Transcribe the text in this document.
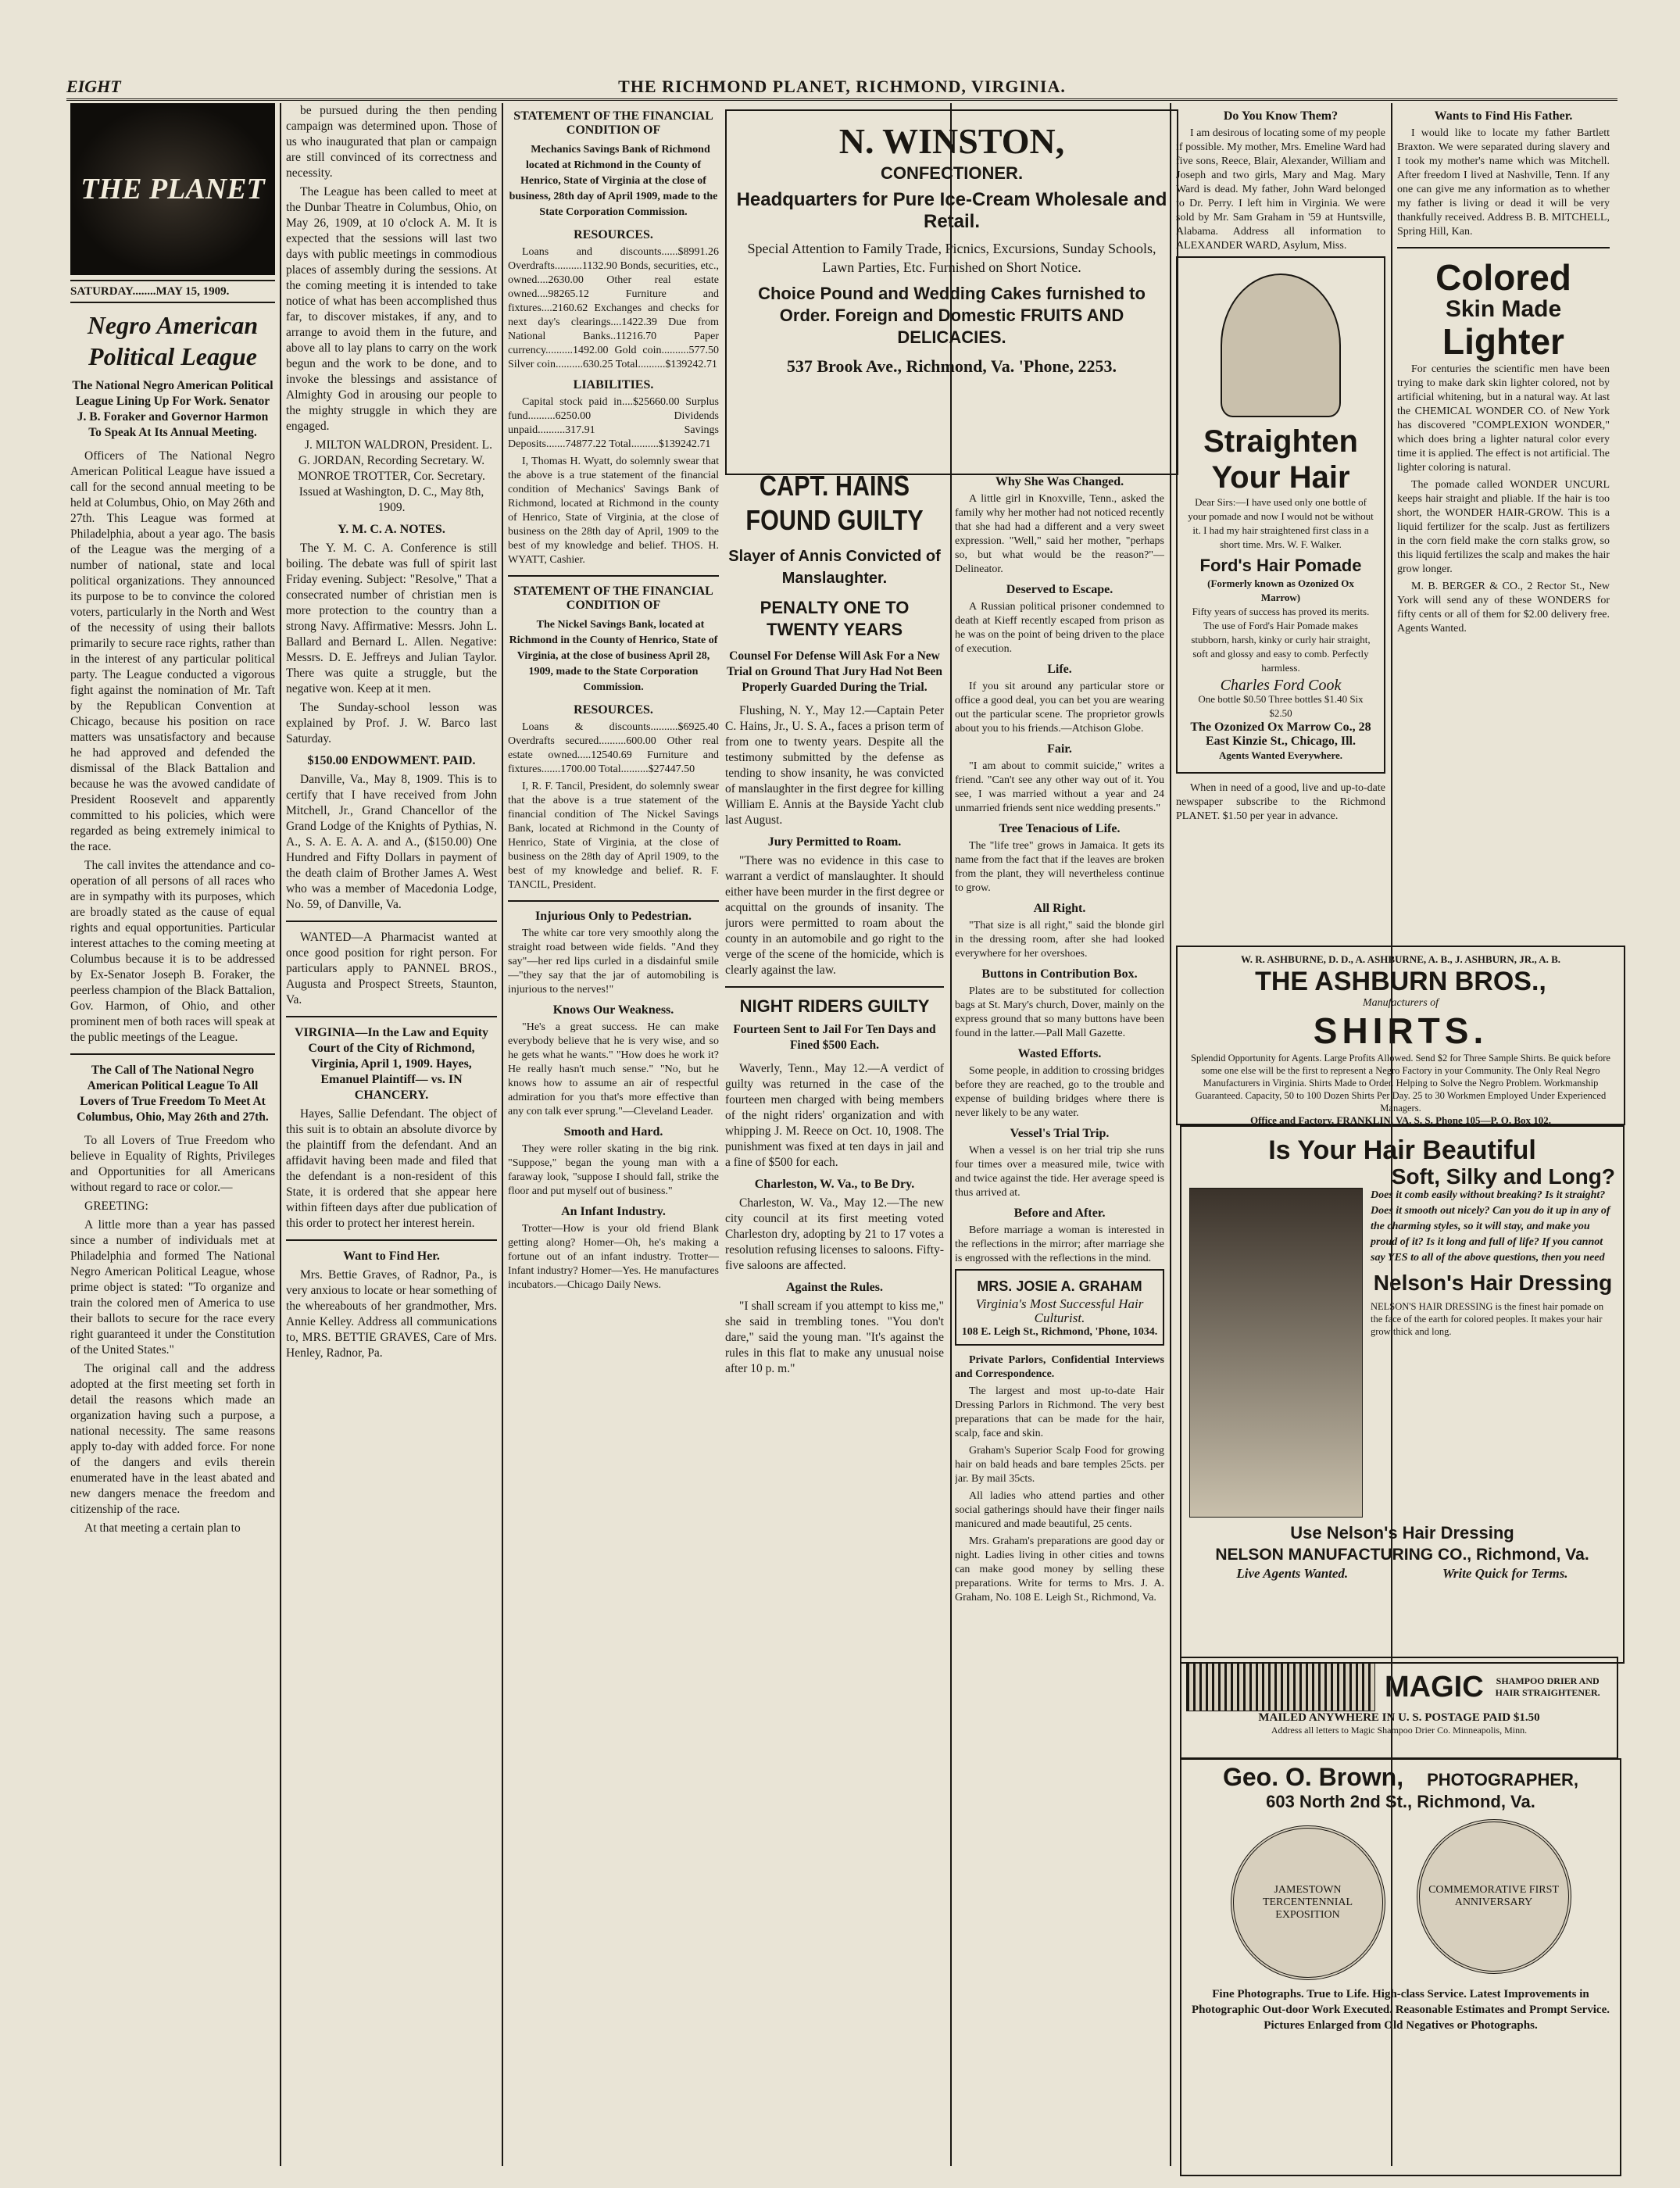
EIGHT	THE RICHMOND PLANET, RICHMOND, VIRGINIA.
THE PLANET
SATURDAY........MAY 15, 1909.
Negro American Political League
The National Negro American Political League Lining Up For Work. Senator J. B. Foraker and Governor Harmon To Speak At Its Annual Meeting.

Officers of The National Negro American Political League have issued a call for the second annual meeting to be held at Columbus, Ohio, on May 26th and 27th. This League was formed at Philadelphia, about a year ago. The basis of the League was the merging of a number of national, state and local political organizations. They announced its purpose to be to convince the colored voters, particularly in the North and West of the necessity of using their ballots primarily to secure race rights, rather than in the interest of any particular political party. The League conducted a vigorous fight against the nomination of Mr. Taft by the Republican Convention at Chicago, because his position on race matters was unsatisfactory and because he had approved and defended the dismissal of the Black Battalion and because he was the avowed candidate of President Roosevelt and apparently committed to his policies, which were regarded as being extremely inimical to the race.

The call invites the attendance and co-operation of all persons of all races who are in sympathy with its purposes, which are broadly stated as the cause of equal rights and equal opportunities. Particular interest attaches to the coming meeting at Columbus because it is to be addressed by Ex-Senator Joseph B. Foraker, the peerless champion of the Black Battalion, Gov. Harmon, of Ohio, and other prominent men of both races will speak at the public meetings of the League.

The Call of The National Negro American Political League To All Lovers of True Freedom To Meet At Columbus, Ohio, May 26th and 27th.

To all Lovers of True Freedom who believe in Equality of Rights, Privileges and Opportunities for all Americans without regard to race or color.—

GREETING:

A little more than a year has passed since a number of individuals met at Philadelphia and formed The National Negro American Political League, whose prime object is stated: "To organize and train the colored men of America to use their ballots to secure for the race every right guaranteed it under the Constitution of the United States."

The original call and the address adopted at the first meeting set forth in detail the reasons which made an organization having such a purpose, a national necessity. The same reasons apply to-day with added force. For none of the dangers and evils therein enumerated have in the least abated and new dangers menace the freedom and citizenship of the race.

At that meeting a certain plan to

be pursued during the then pending campaign was determined upon. Those of us who inaugurated that plan or campaign are still convinced of its correctness and necessity.

The League has been called to meet at the Dunbar Theatre in Columbus, Ohio, on May 26, 1909, at 10 o'clock A. M. It is expected that the sessions will last two days with public meetings in commodious places of assembly during the sessions. At the coming meeting it is intended to take notice of what has been accomplished thus far, to discover mistakes, if any, and to arrange to avoid them in the future, and above all to lay plans to carry on the work begun and the work to be done, and to invoke the blessings and assistance of Almighty God in arousing our people to the mighty struggle in which they are engaged.

J. MILTON WALDRON, President. L. G. JORDAN, Recording Secretary. W. MONROE TROTTER, Cor. Secretary. Issued at Washington, D. C., May 8th, 1909.

Y. M. C. A. NOTES.

The Y. M. C. A. Conference is still boiling. The debate was full of spirit last Friday evening. Subject: "Resolve," That a consecrated number of christian men is more protection to the country than a strong Navy. Affirmative: Messrs. John L. Ballard and Bernard L. Allen. Negative: Messrs. D. E. Jeffreys and Julian Taylor. There was quite a struggle, but the negative won. Keep at it men.

The Sunday-school lesson was explained by Prof. J. W. Barco last Saturday.

$150.00 ENDOWMENT. PAID.

Danville, Va., May 8, 1909. This is to certify that I have received from John Mitchell, Jr., Grand Chancellor of the Grand Lodge of the Knights of Pythias, N. A., S. A. E. A. A. and A., ($150.00) One Hundred and Fifty Dollars in payment of the death claim of Brother James A. West who was a member of Macedonia Lodge, No. 59, of Danville, Va.

WANTED—A Pharmacist wanted at once good position for right person. For particulars apply to PANNEL BROS., Augusta and Prospect Streets, Staunton, Va.

VIRGINIA—In the Law and Equity Court of the City of Richmond, Virginia, April 1, 1909. Hayes, Emanuel Plaintiff— vs. IN CHANCERY.

Hayes, Sallie Defendant. The object of this suit is to obtain an absolute divorce by the plaintiff from the defendant. And an affidavit having been made and filed that the defendant is a non-resident of this State, it is ordered that she appear here within fifteen days after due publication of this order to protect her interest herein.

Want to Find Her.

Mrs. Bettie Graves, of Radnor, Pa., is very anxious to locate or hear something of the whereabouts of her grandmother, Mrs. Annie Kelley. Address all communications to, MRS. BETTIE GRAVES, Care of Mrs. Henley, Radnor, Pa.

STATEMENT OF THE FINANCIAL CONDITION OF

Mechanics Savings Bank of Richmond located at Richmond in the County of Henrico, State of Virginia at the close of business, 28th day of April 1909, made to the State Corporation Commission.

RESOURCES.

Loans and discounts......$8991.26 Overdrafts..........1132.90 Bonds, securities, etc., owned....2630.00 Other real estate owned....98265.12 Furniture and fixtures....2160.62 Exchanges and checks for next day's clearings....1422.39 Due from National Banks..11216.70 Paper currency..........1492.00 Gold coin..........577.50 Silver coin..........630.25 Total..........$139242.71

LIABILITIES.

Capital stock paid in....$25660.00 Surplus fund..........6250.00 Dividends unpaid..........317.91 Savings Deposits.......74877.22 Total..........$139242.71

I, Thomas H. Wyatt, do solemnly swear that the above is a true statement of the financial condition of Mechanics' Savings Bank of Richmond, located at Richmond in the county of Henrico, State of Virginia, at the close of business on the 28th day of April, 1909 to the best of my knowledge and belief. THOS. H. WYATT, Cashier.

STATEMENT OF THE FINANCIAL CONDITION OF

The Nickel Savings Bank, located at Richmond in the County of Henrico, State of Virginia, at the close of business April 28, 1909, made to the State Corporation Commission.

RESOURCES.

Loans & discounts..........$6925.40 Overdrafts secured..........600.00 Other real estate owned.....12540.69 Furniture and fixtures.......1700.00 Total..........$27447.50

I, R. F. Tancil, President, do solemnly swear that the above is a true statement of the financial condition of The Nickel Savings Bank, located at Richmond in the County of Henrico, State of Virginia, at the close of business on the 28th day of April 1909, to the best of my knowledge and belief. R. F. TANCIL, President.

Injurious Only to Pedestrian.

The white car tore very smoothly along the straight road between wide fields. "And they say"—her red lips curled in a disdainful smile—"they say that the jar of automobiling is injurious to the nerves!"

Knows Our Weakness.

"He's a great success. He can make everybody believe that he is very wise, and so he gets what he wants." "How does he work it? He really hasn't much sense." "No, but he knows how to assume an air of respectful admiration for you that's more effective than any con talk ever sprung."—Cleveland Leader.

Smooth and Hard.

They were roller skating in the big rink. "Suppose," began the young man with a faraway look, "suppose I should fall, strike the floor and put myself out of business."

An Infant Industry.

Trotter—How is your old friend Blank getting along? Homer—Oh, he's making a fortune out of an infant industry. Trotter—Infant industry? Homer—Yes. He manufactures incubators.—Chicago Daily News.

N. WINSTON,
CONFECTIONER.
Headquarters for Pure Ice-Cream Wholesale and Retail.
Special Attention to Family Trade, Picnics, Excursions, Sunday Schools, Lawn Parties, Etc. Furnished on Short Notice.
Choice Pound and Wedding Cakes furnished to Order. Foreign and Domestic FRUITS AND DELICACIES.
537 Brook Ave., Richmond, Va. 'Phone, 2253.
CAPT. HAINS FOUND GUILTY
Slayer of Annis Convicted of Manslaughter.
PENALTY ONE TO TWENTY YEARS
Counsel For Defense Will Ask For a New Trial on Ground That Jury Had Not Been Properly Guarded During the Trial.

Flushing, N. Y., May 12.—Captain Peter C. Hains, Jr., U. S. A., faces a prison term of from one to twenty years. Despite all the testimony submitted by the defense as tending to show insanity, he was convicted of manslaughter in the first degree for killing William E. Annis at the Bayside Yacht club last August.

Jury Permitted to Roam.

"There was no evidence in this case to warrant a verdict of manslaughter. It should either have been murder in the first degree or acquittal on the grounds of insanity. The jurors were permitted to roam about the county in an automobile and go right to the verge of the scene of the homicide, which is clearly against the law.

NIGHT RIDERS GUILTY
Fourteen Sent to Jail For Ten Days and Fined $500 Each.

Waverly, Tenn., May 12.—A verdict of guilty was returned in the case of the fourteen men charged with being members of the night riders' organization and with whipping J. M. Reece on Oct. 10, 1908. The punishment was fixed at ten days in jail and a fine of $500 for each.

Charleston, W. Va., to Be Dry.

Charleston, W. Va., May 12.—The new city council at its first meeting voted Charleston dry, adopting by 21 to 17 votes a resolution refusing licenses to saloons. Fifty-five saloons are affected.

Against the Rules.

"I shall scream if you attempt to kiss me," she said in trembling tones. "You don't dare," said the young man. "It's against the rules in this flat to make any unusual noise after 10 p. m."

Why She Was Changed.

A little girl in Knoxville, Tenn., asked the family why her mother had not noticed recently that she had had a different and a very sweet expression. "Well," said her mother, "perhaps so, but what would be the reason?"—Delineator.

Deserved to Escape.

A Russian political prisoner condemned to death at Kieff recently escaped from prison as he was on the point of being driven to the place of execution.

Life.

If you sit around any particular store or office a good deal, you can bet you are wearing out the particular scene. The proprietor growls about you to his friends.—Atchison Globe.

Fair.

"I am about to commit suicide," writes a friend. "Can't see any other way out of it. You see, I was married without a year and 24 unmarried friends sent nice wedding presents."

Tree Tenacious of Life.

The "life tree" grows in Jamaica. It gets its name from the fact that if the leaves are broken from the plant, they will nevertheless continue to grow.

All Right.

"That size is all right," said the blonde girl in the dressing room, after she had looked everywhere for her overshoes.

Buttons in Contribution Box.

Plates are to be substituted for collection bags at St. Mary's church, Dover, mainly on the express ground that so many buttons have been found in the latter.—Pall Mall Gazette.

Wasted Efforts.

Some people, in addition to crossing bridges before they are reached, go to the trouble and expense of building bridges where there is never likely to be any water.

Vessel's Trial Trip.

When a vessel is on her trial trip she runs four times over a measured mile, twice with and twice against the tide. Her average speed is thus arrived at.

Before and After.

Before marriage a woman is interested in the reflections in the mirror; after marriage she is engrossed with the reflections in the mind.

MRS. JOSIE A. GRAHAM
Virginia's Most Successful Hair Culturist.
108 E. Leigh St., Richmond, 'Phone, 1034.

Private Parlors, Confidential Interviews and Correspondence.

The largest and most up-to-date Hair Dressing Parlors in Richmond. The very best preparations that can be made for the hair, scalp, face and skin.

Graham's Superior Scalp Food for growing hair on bald heads and bare temples 25cts. per jar. By mail 35cts.

All ladies who attend parties and other social gatherings should have their finger nails manicured and made beautiful, 25 cents.

Mrs. Graham's preparations are good day or night. Ladies living in other cities and towns can make good money by selling these preparations. Write for terms to Mrs. J. A. Graham, No. 108 E. Leigh St., Richmond, Va.

Do You Know Them?

I am desirous of locating some of my people if possible. My mother, Mrs. Emeline Ward had five sons, Reece, Blair, Alexander, William and Joseph and two girls, Mary and Mag. Mary Ward is dead. My father, John Ward belonged to Dr. Perry. I left him in Virginia. We were sold by Mr. Sam Graham in '59 at Huntsville, Alabama. Address all information to ALEXANDER WARD, Asylum, Miss.

Straighten
Your Hair

Dear Sirs:—I have used only one bottle of your pomade and now I would not be without it. I had my hair straightened first class in a short time. Mrs. W. F. Walker.

Ford's Hair Pomade
(Formerly known as Ozonized Ox Marrow)

Fifty years of success has proved its merits. The use of Ford's Hair Pomade makes stubborn, harsh, kinky or curly hair straight, soft and glossy and easy to comb. Perfectly harmless.

Charles Ford Cook
One bottle $0.50 Three bottles $1.40 Six $2.50
The Ozonized Ox Marrow Co., 28 East Kinzie St., Chicago, Ill.
Agents Wanted Everywhere.

When in need of a good, live and up-to-date newspaper subscribe to the Richmond PLANET. $1.50 per year in advance.

Wants to Find His Father.

I would like to locate my father Bartlett Braxton. We were separated during slavery and I took my mother's name which was Mitchell. After freedom I lived at Nashville, Tenn. If any one can give me any information as to whether my father is living or dead it will be very thankfully received. Address B. B. MITCHELL, Spring Hill, Kan.

Colored
Skin Made
Lighter

For centuries the scientific men have been trying to make dark skin lighter colored, not by artificial whitening, but in a natural way. At last the CHEMICAL WONDER CO. of New York has discovered "COMPLEXION WONDER," which does bring a lighter natural color every time it is applied. The effect is not artificial. The lighter coloring is natural.

The pomade called WONDER UNCURL keeps hair straight and pliable. If the hair is too short, the WONDER HAIR-GROW. This is a liquid fertilizer for the scalp. Just as fertilizers in the corn field make the corn stalks grow, so this liquid fertilizes the scalp and makes the hair grow longer.

M. B. BERGER & CO., 2 Rector St., New York will send any of these WONDERS for fifty cents or all of them for $2.00 delivery free. Agents Wanted.

W. R. ASHBURNE, D. D., A. ASHBURNE, A. B., J. ASHBURN, JR., A. B.
THE ASHBURN BROS.,
Manufacturers of
SHIRTS.
Splendid Opportunity for Agents. Large Profits Allowed. Send $2 for Three Sample Shirts. Be quick before some one else will be the first to represent a Negro Factory in your Community. The Only Real Negro Manufacturers in Virginia. Shirts Made to Order. Helping to Solve the Negro Problem. Workmanship Guaranteed. Capacity, 50 to 100 Dozen Shirts Per Day. 25 to 30 Workmen Employed Under Experienced Managers.
Office and Factory, FRANKLIN, VA. S. S. Phone 105—P. O. Box 102.
Is Your Hair Beautiful
Soft, Silky and Long?
Does it comb easily without breaking? Is it straight? Does it smooth out nicely? Can you do it up in any of the charming styles, so it will stay, and make you proud of it? Is it long and full of life? If you cannot say YES to all of the above questions, then you need
Nelson's Hair Dressing
NELSON'S HAIR DRESSING is the finest hair pomade on the face of the earth for colored peoples. It makes your hair grow thick and long.
Use Nelson's Hair Dressing
NELSON MANUFACTURING CO., Richmond, Va.
Live Agents Wanted.	Write Quick for Terms.
MAGIC	SHAMPOO DRIER AND HAIR STRAIGHTENER.
MAILED ANYWHERE IN U. S. POSTAGE PAID $1.50
Address all letters to Magic Shampoo Drier Co. Minneapolis, Minn.
Geo. O. Brown, PHOTOGRAPHER,
603 North 2nd St., Richmond, Va.
JAMESTOWN TERCENTENNIAL EXPOSITION COMMEMORATIVE FIRST ANNIVERSARY
Fine Photographs. True to Life. High-class Service. Latest Improvements in Photographic Out-door Work Executed. Reasonable Estimates and Prompt Service. Pictures Enlarged from Old Negatives or Photographs.
